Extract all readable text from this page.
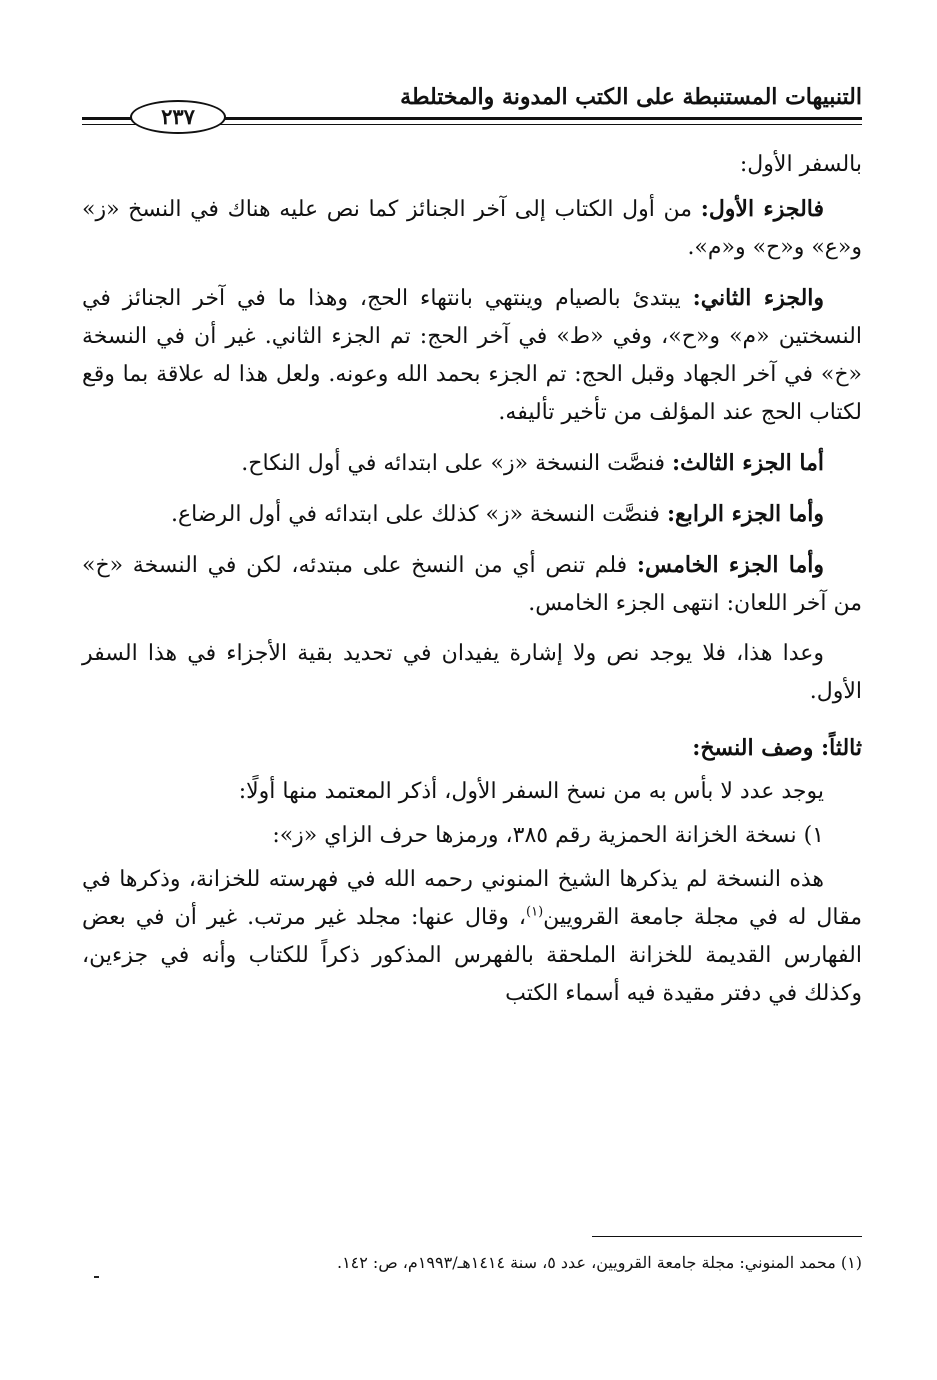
التنبيهات المستنبطة على الكتب المدونة والمختلطة
٢٣٧

بالسفر الأول:

فالجزء الأول: من أول الكتاب إلى آخر الجنائز كما نص عليه هناك في النسخ «ز» و«ع» و«ح» و«م».

والجزء الثاني: يبتدئ بالصيام وينتهي بانتهاء الحج، وهذا ما في آخر الجنائز في النسختين «م» و«ح»، وفي «ط» في آخر الحج: تم الجزء الثاني. غير أن في النسخة «خ» في آخر الجهاد وقبل الحج: تم الجزء بحمد الله وعونه. ولعل هذا له علاقة بما وقع لكتاب الحج عند المؤلف من تأخير تأليفه.

أما الجزء الثالث: فنصَّت النسخة «ز» على ابتدائه في أول النكاح.

وأما الجزء الرابع: فنصَّت النسخة «ز» كذلك على ابتدائه في أول الرضاع.

وأما الجزء الخامس: فلم تنص أي من النسخ على مبتدئه، لكن في النسخة «خ» من آخر اللعان: انتهى الجزء الخامس.

وعدا هذا، فلا يوجد نص ولا إشارة يفيدان في تحديد بقية الأجزاء في هذا السفر الأول.

ثالثاً: وصف النسخ:

يوجد عدد لا بأس به من نسخ السفر الأول، أذكر المعتمد منها أولًا:

١) نسخة الخزانة الحمزية رقم ٣٨٥، ورمزها حرف الزاي «ز»:

هذه النسخة لم يذكرها الشيخ المنوني رحمه الله في فهرسته للخزانة، وذكرها في مقال له في مجلة جامعة القرويين$^{(١)}$، وقال عنها: مجلد غير مرتب. غير أن في بعض الفهارس القديمة للخزانة الملحقة بالفهرس المذكور ذكراً للكتاب وأنه في جزءين، وكذلك في دفتر مقيدة فيه أسماء الكتب

(١) محمد المنوني: مجلة جامعة القرويين، عدد ٥، سنة ١٤١٤هـ/١٩٩٣م، ص: ١٤٢.
